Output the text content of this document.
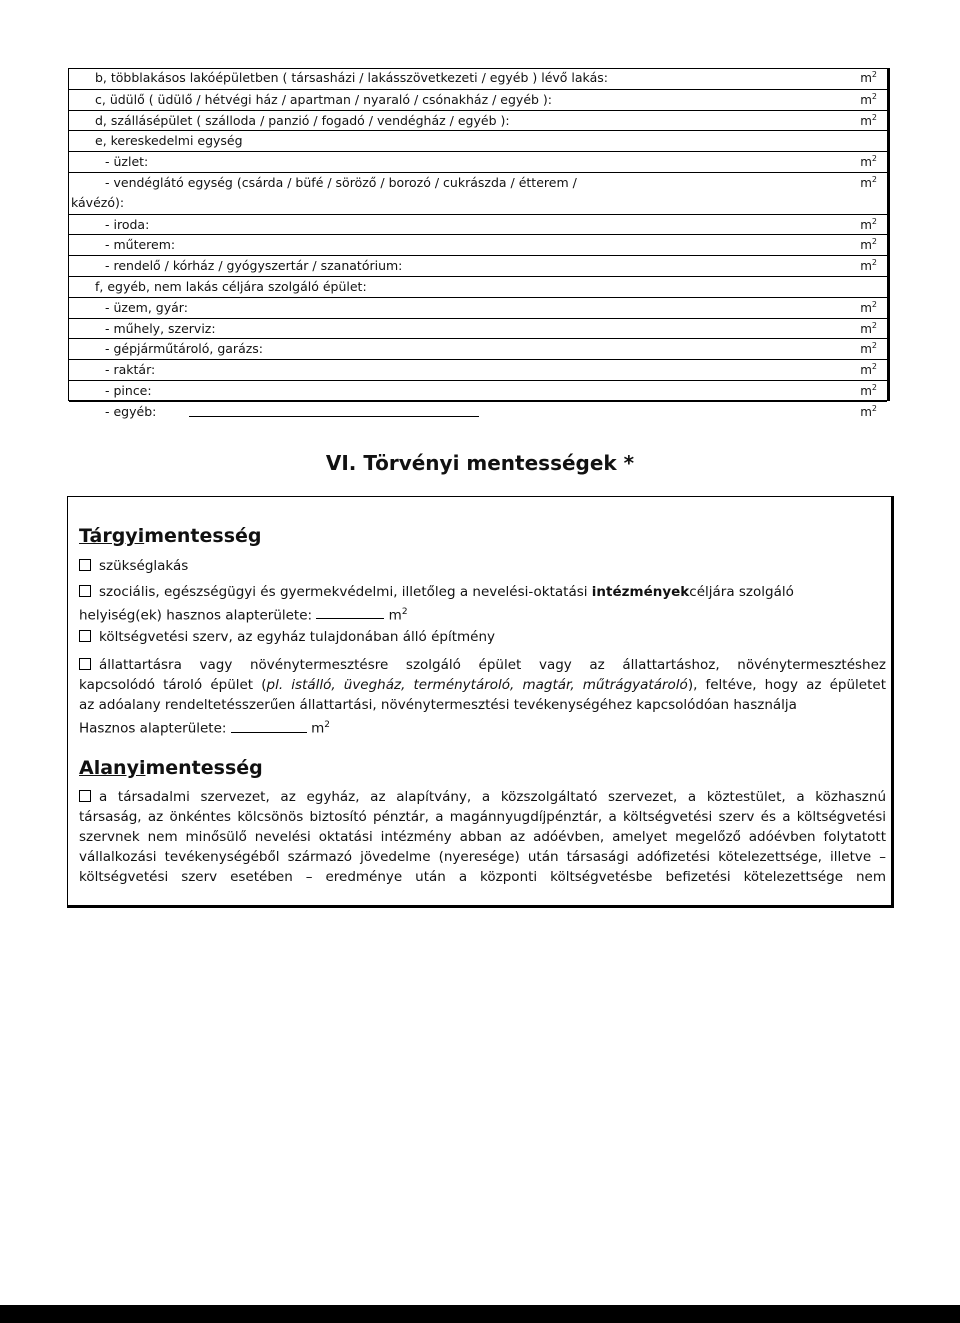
b, többlakásos lakóépületben ( társasházi / lakásszövetkezeti / egyéb ) lévő lakás:	$m^2$
c, üdülő ( üdülő / hétvégi ház / apartman / nyaraló / csónakház / egyéb ):	$m^2$
d, szállásépület ( szálloda / panzió / fogadó / vendégház / egyéb ):	$m^2$
e, kereskedelmi egység
- üzlet:	$m^2$
- vendéglátó egység (csárda / büfé / söröző / borozó / cukrászda / étterem /	$m^2$
kávézó):
- iroda:	$m^2$
- műterem:	$m^2$
- rendelő / kórház / gyógyszertár / szanatórium:	$m^2$
f, egyéb, nem lakás céljára szolgáló épület:
- üzem, gyár:	$m^2$
- műhely, szerviz:	$m^2$
- gépjárműtároló, garázs:	$m^2$
- raktár:	$m^2$
- pince:	$m^2$
- egyéb:	$m^2$
VI. Törvényi mentességek *
Tárgyimentesség
szükséglakás
szociális, egészségügyi és gyermekvédelmi, illetőleg a nevelési-oktatási intézményekcéljára szolgáló
helyiség(ek) hasznos alapterülete:	$m^2$
költségvetési szerv, az egyház tulajdonában álló építmény
állattartásra vagy növénytermesztésre szolgáló épület vagy az állattartáshoz, növénytermesztéshez
kapcsolódó tároló épület (pl. istálló, üvegház, terménytároló, magtár, műtrágyatároló), feltéve, hogy az épületet
az adóalany rendeltetésszerűen állattartási, növénytermesztési tevékenységéhez kapcsolódóan használja
Hasznos alapterülete:	$m^2$
Alanyimentesség
a társadalmi szervezet, az egyház, az alapítvány, a közszolgáltató szervezet, a köztestület, a közhasznú
társaság, az önkéntes kölcsönös biztosító pénztár, a magánnyugdíjpénztár, a költségvetési szerv és a költségvetési
szervnek nem minősülő nevelési oktatási intézmény abban az adóévben, amelyet megelőző adóévben folytatott
vállalkozási tevékenységéből származó jövedelme (nyeresége) után társasági adófizetési kötelezettsége, illetve –
költségvetési szerv esetében – eredménye után a központi költségvetésbe befizetési kötelezettsége nem
